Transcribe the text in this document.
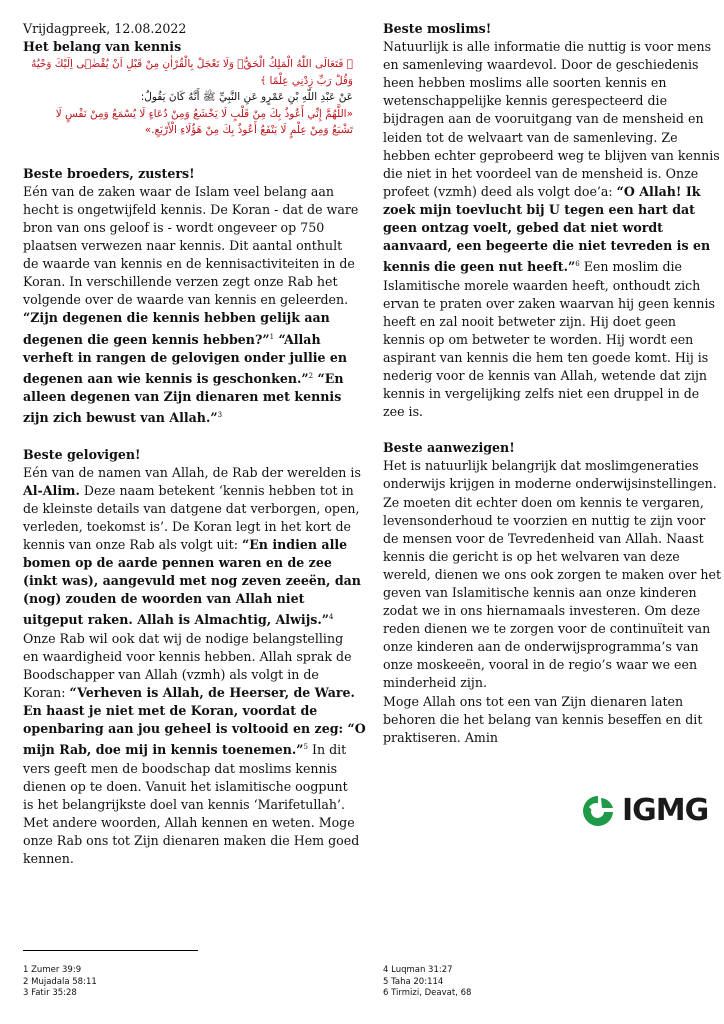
Vrijdagpreek, 12.08.2022

Het belang van kennis

﴿ فَتَعَالَى اللّٰهُ الْمَلِكُ الْحَقُّۚ وَلَا تَعْجَلْ بِالْقُرْاٰنِ مِنْ قَبْلِ اَنْ يُقْضٰۤى اِلَيْكَ وَحْيُهُ

وَقُلْ رَبِّ زِدْنِي عِلْمًا ﴾

عَنْ عَبْدِ اللّهِ بْنِ عَمْرٍو عَنِ النَّبِيِّ ﷺ أَنَّهُ كَانَ يَقُولُ:

«اللَّهُمَّ إِنِّي أَعُوذُ بِكَ مِنْ قَلْبٍ لَا يَخْشَعُ وَمِنْ دُعَاءٍ لَا يُسْمَعُ وَمِنْ نَفْسٍ لَا

تَشْبَعُ وَمِنْ عِلْمٍ لَا يَنْفَعُ أَعُوذُ بِكَ مِنْ هَؤُلَاءِ الْأَرْبَعِ.»

Beste broeders, zusters!

Eén van de zaken waar de Islam veel belang aan

hecht is ongetwijfeld kennis. De Koran - dat de ware

bron van ons geloof is - wordt ongeveer op 750

plaatsen verwezen naar kennis. Dit aantal onthult

de waarde van kennis en de kennisactiviteiten in de

Koran. In verschillende verzen zegt onze Rab het

volgende over de waarde van kennis en geleerden.

“Zijn degenen die kennis hebben gelijk aan

degenen die geen kennis hebben?”$^1$ “Allah

verheft in rangen de gelovigen onder jullie en

degenen aan wie kennis is geschonken.”$^2$ “En

alleen degenen van Zijn dienaren met kennis

zijn zich bewust van Allah.”$^3$

Beste gelovigen!

Eén van de namen van Allah, de Rab der werelden is

Al-Alim. Deze naam betekent ‘kennis hebben tot in

de kleinste details van datgene dat verborgen, open,

verleden, toekomst is’. De Koran legt in het kort de

kennis van onze Rab als volgt uit: “En indien alle

bomen op de aarde pennen waren en de zee

(inkt was), aangevuld met nog zeven zeeën, dan

(nog) zouden de woorden van Allah niet

uitgeput raken. Allah is Almachtig, Alwijs.”$^4$

Onze Rab wil ook dat wij de nodige belangstelling

en waardigheid voor kennis hebben. Allah sprak de

Boodschapper van Allah (vzmh) als volgt in de

Koran: “Verheven is Allah, de Heerser, de Ware.

En haast je niet met de Koran, voordat de

openbaring aan jou geheel is voltooid en zeg: “O

mijn Rab, doe mij in kennis toenemen.”$^5$ In dit

vers geeft men de boodschap dat moslims kennis

dienen op te doen. Vanuit het islamitische oogpunt

is het belangrijkste doel van kennis ‘Marifetullah’.

Met andere woorden, Allah kennen en weten. Moge

onze Rab ons tot Zijn dienaren maken die Hem goed

kennen.

Beste moslims!

Natuurlijk is alle informatie die nuttig is voor mens

en samenleving waardevol. Door de geschiedenis

heen hebben moslims alle soorten kennis en

wetenschappelijke kennis gerespecteerd die

bijdragen aan de vooruitgang van de mensheid en

leiden tot de welvaart van de samenleving. Ze

hebben echter geprobeerd weg te blijven van kennis

die niet in het voordeel van de mensheid is. Onze

profeet (vzmh) deed als volgt doe’a: “O Allah! Ik

zoek mijn toevlucht bij U tegen een hart dat

geen ontzag voelt, gebed dat niet wordt

aanvaard, een begeerte die niet tevreden is en

kennis die geen nut heeft.”$^6$ Een moslim die

Islamitische morele waarden heeft, onthoudt zich

ervan te praten over zaken waarvan hij geen kennis

heeft en zal nooit betweter zijn. Hij doet geen

kennis op om betweter te worden. Hij wordt een

aspirant van kennis die hem ten goede komt. Hij is

nederig voor de kennis van Allah, wetende dat zijn

kennis in vergelijking zelfs niet een druppel in de

zee is.

Beste aanwezigen!

Het is natuurlijk belangrijk dat moslimgeneraties

onderwijs krijgen in moderne onderwijsinstellingen.

Ze moeten dit echter doen om kennis te vergaren,

levensonderhoud te voorzien en nuttig te zijn voor

de mensen voor de Tevredenheid van Allah. Naast

kennis die gericht is op het welvaren van deze

wereld, dienen we ons ook zorgen te maken over het

geven van Islamitische kennis aan onze kinderen

zodat we in ons hiernamaals investeren. Om deze

reden dienen we te zorgen voor de continuïteit van

onze kinderen aan de onderwijsprogramma’s van

onze moskeeën, vooral in de regio’s waar we een

minderheid zijn.

Moge Allah ons tot een van Zijn dienaren laten

behoren die het belang van kennis beseffen en dit

praktiseren. Amin

IGMG
1 Zumer 39:9
2 Mujadala 58:11
3 Fatir 35:28
4 Luqman 31:27
5 Taha 20:114
6 Tirmizi, Deavat, 68
